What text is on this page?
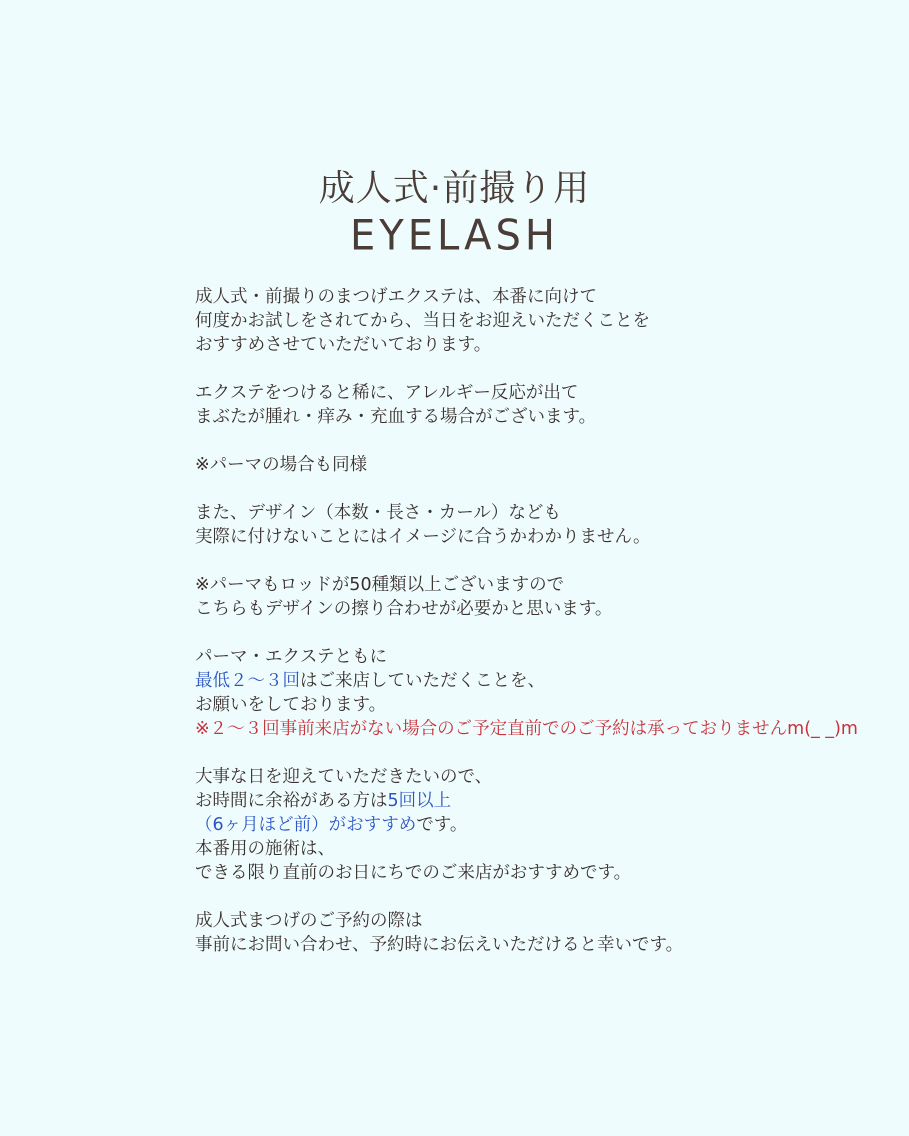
成人式·前撮り用
EYELASH
成人式・前撮りのまつげエクステは、本番に向けて
何度かお試しをされてから、当日をお迎えいただくことを
おすすめさせていただいております。
エクステをつけると稀に、アレルギー反応が出て
まぶたが腫れ・痒み・充血する場合がございます。
※パーマの場合も同様
また、デザイン（本数・長さ・カール）なども
実際に付けないことにはイメージに合うかわかりません。
※パーマもロッドが50種類以上ございますので
こちらもデザインの擦り合わせが必要かと思います。
パーマ・エクステともに
最低２〜３回はご来店していただくことを、
お願いをしております。
※２〜３回事前来店がない場合のご予定直前でのご予約は承っておりませんm(_ _)m
大事な日を迎えていただきたいので、
お時間に余裕がある方は5回以上
（6ヶ月ほど前）がおすすめです。
本番用の施術は、
できる限り直前のお日にちでのご来店がおすすめです。
成人式まつげのご予約の際は
事前にお問い合わせ、予約時にお伝えいただけると幸いです。
